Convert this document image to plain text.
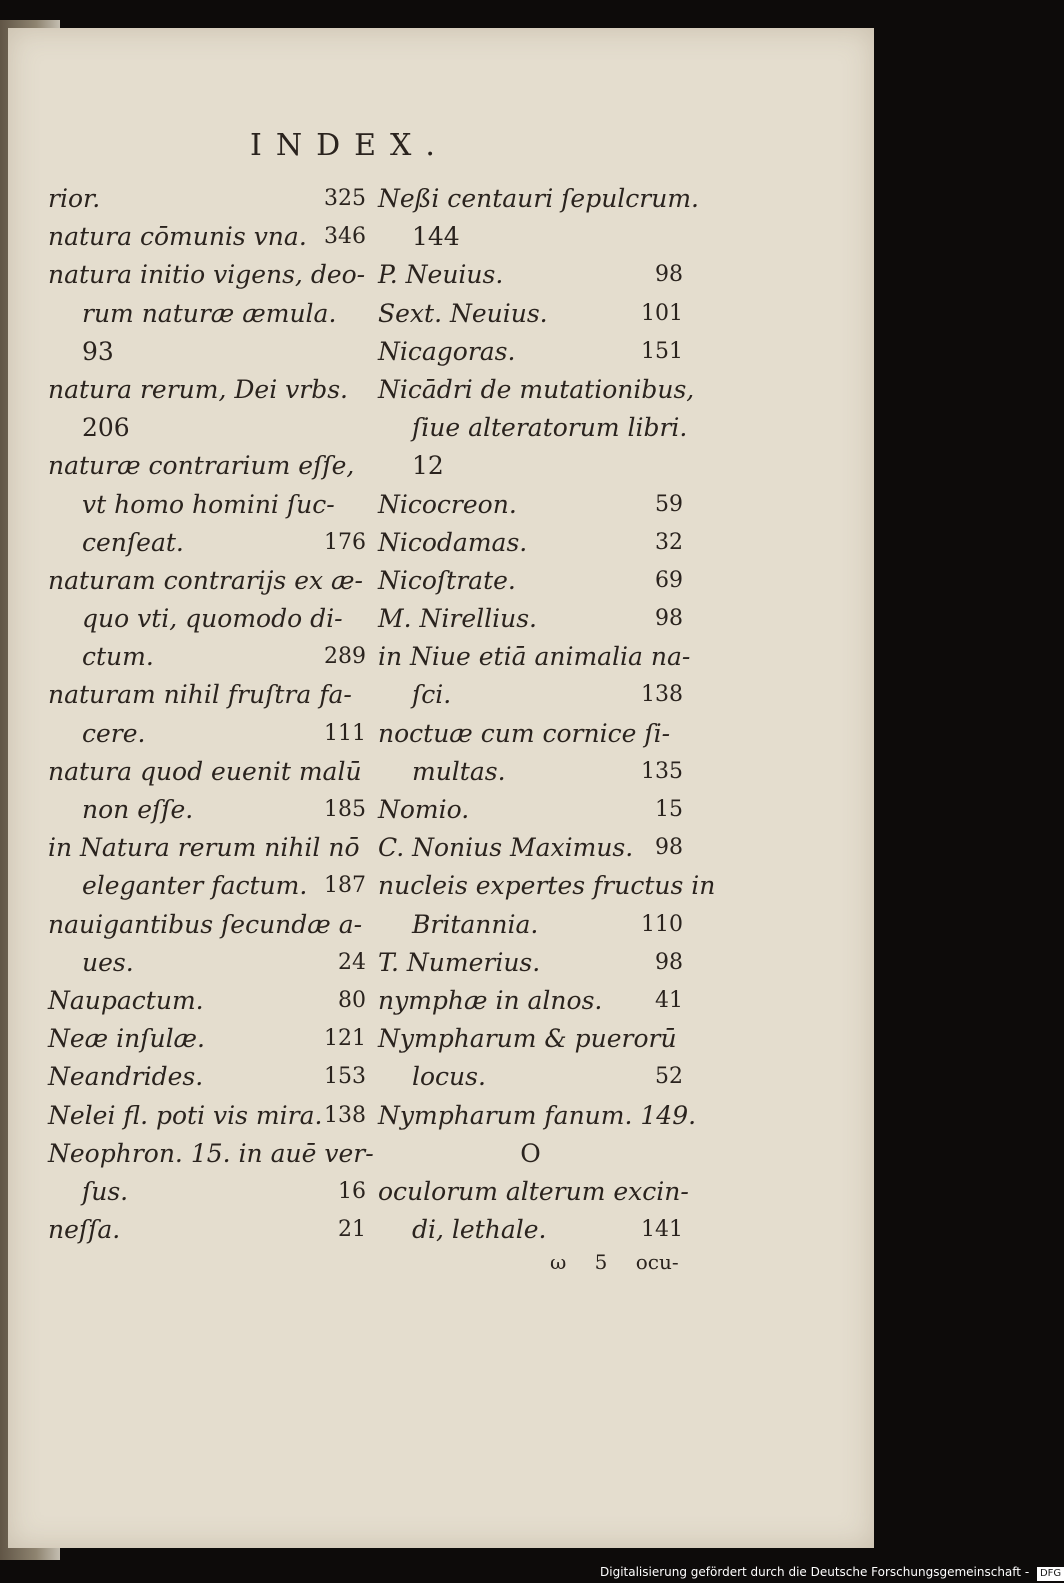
INDEX.
rior.	325
natura cōmunis vna. 346
natura initio vigens, deo-
rum naturæ æmula.
93
natura rerum, Dei vrbs.
206
naturæ contrarium eſſe,
vt homo homini ſuc-
cenſeat.	176
naturam contrarijs ex æ-
quo vti, quomodo di-
ctum.	289
naturam nihil fruſtra fa-
cere.	111
natura quod euenit malū
non eſſe.	185
in Natura rerum nihil nō
eleganter factum. 187
nauigantibus ſecundæ a-
ues.	24
Naupactum.	80
Neæ inſulæ.	121
Neandrides.	153
Nelei fl. poti vis mira. 138
Neophron. 15. in auē ver-
ſus.	16
neſſa.	21
Neßi centauri ſepulcrum.
144
P. Neuius.	98
Sext. Neuius.	101
Nicagoras.	151
Nicādri de mutationibus,
ſiue alteratorum libri.
12
Nicocreon.	59
Nicodamas.	32
Nicoſtrate.	69
M. Nirellius.	98
in Niue etiā animalia na-
ſci.	138
noctuæ cum cornice ſi-
multas.	135
Nomio.	15
C. Nonius Maximus. 98
nucleis expertes fructus in
Britannia.	110
T. Numerius.	98
nymphæ in alnos. 41
Nympharum & puerorū
locus.	52
Nympharum fanum. 149.
O
oculorum alterum excin-
di, lethale.	141
ω 5 ocu-
Digitalisierung gefördert durch die Deutsche Forschungsgemeinschaft - DFG
